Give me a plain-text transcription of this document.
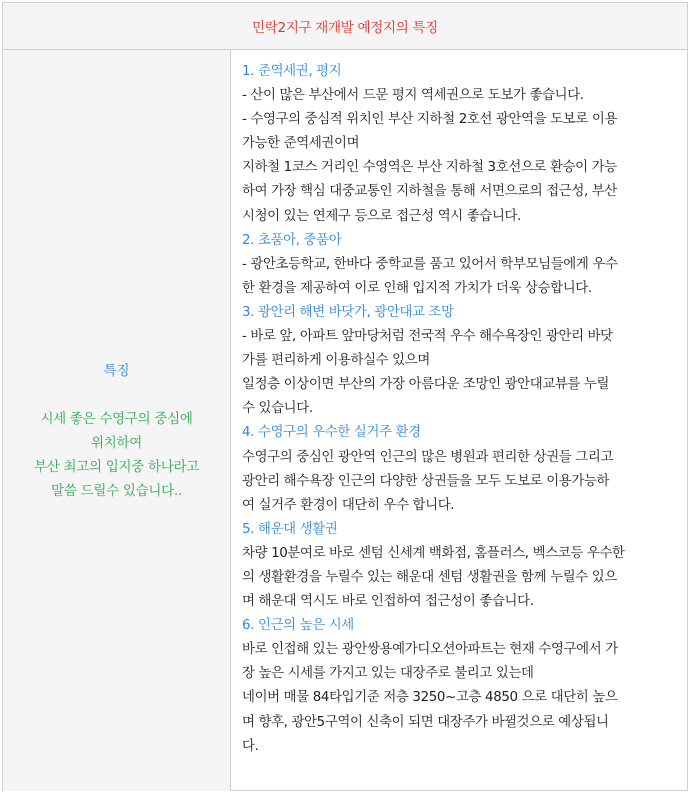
민락2지구 재개발 예정지의 특징
특징
시세 좋은 수영구의 중심에
위치하여
부산 최고의 입지중 하나라고
말씀 드릴수 있습니다..
1. 준역세권, 평지
- 산이 많은 부산에서 드문 평지 역세권으로 도보가 좋습니다.
- 수영구의 중심적 위치인 부산 지하철 2호선 광안역을 도보로 이용
가능한 준역세권이며
지하철 1코스 거리인 수영역은 부산 지하철 3호선으로 환승이 가능
하여 가장 핵심 대중교통인 지하철을 통해 서면으로의 접근성, 부산
시청이 있는 연제구 등으로 접근성 역시 좋습니다.
2. 초품아, 중품아
- 광안초등학교, 한바다 중학교를 품고 있어서 학부모님들에게 우수
한 환경을 제공하여 이로 인해 입지적 가치가 더욱 상승합니다.
3. 광안리 해변 바닷가, 광안대교 조망
- 바로 앞, 아파트 앞마당처럼 전국적 우수 해수욕장인 광안리 바닷
가를 편리하게 이용하실수 있으며
일정층 이상이면 부산의 가장 아름다운 조망인 광안대교뷰를 누릴
수 있습니다.
4. 수영구의 우수한 실거주 환경
수영구의 중심인 광안역 인근의 많은 병원과 편리한 상권들 그리고
광안리 해수욕장 인근의 다양한 상권들을 모두 도보로 이용가능하
여 실거주 환경이 대단히 우수 합니다.
5. 해운대 생활권
차량 10분여로 바로 센텀 신세계 백화점, 홈플러스, 벡스코등 우수한
의 생활환경을 누릴수 있는 해운대 센텀 생활권을 함께 누릴수 있으
며 해운대 역시도 바로 인접하여 접근성이 좋습니다.
6. 인근의 높은 시세
바로 인접해 있는 광안쌍용예가디오션아파트는 현재 수영구에서 가
장 높은 시세를 가지고 있는 대장주로 불리고 있는데
네이버 매물 84타입기준 저층 3250~고층 4850 으로 대단히 높으
며 향후, 광안5구역이 신축이 되면 대장주가 바뀔것으로 예상됩니
다.
